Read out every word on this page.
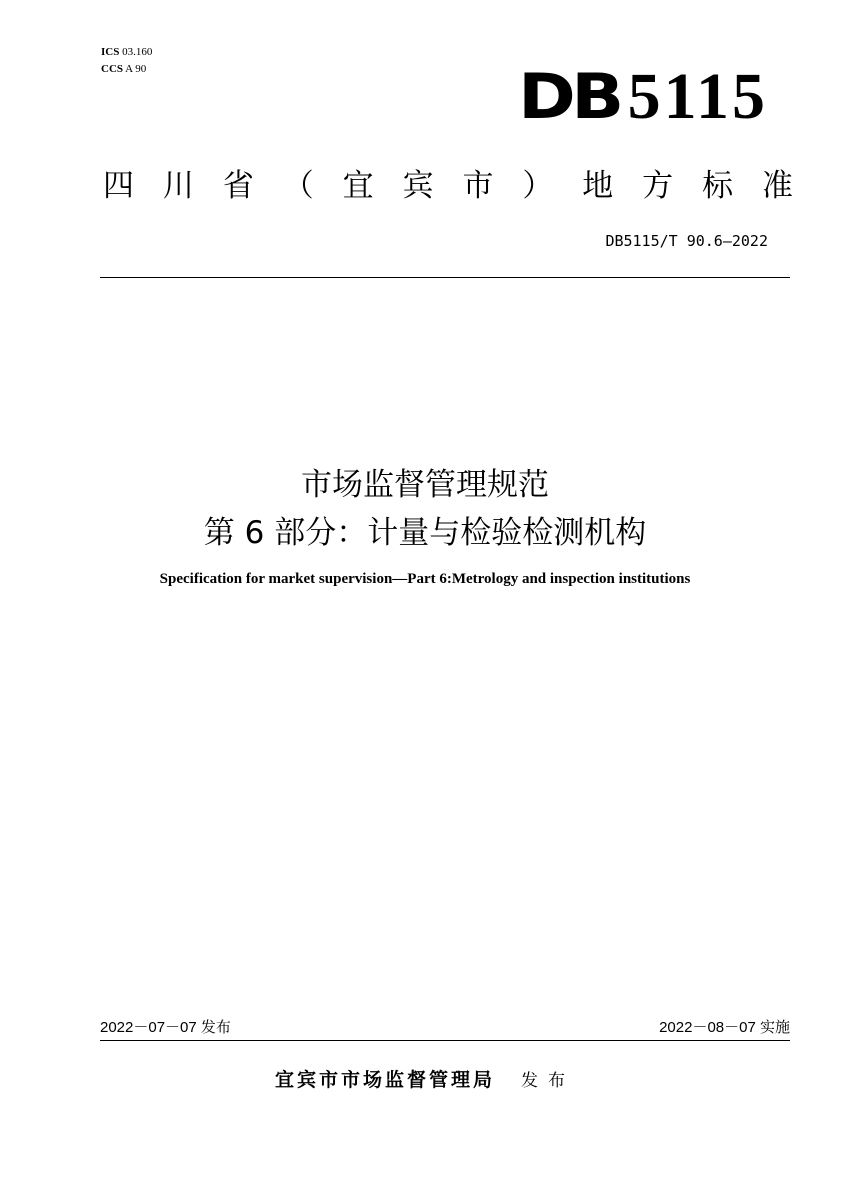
ICS 03.160
CCS A 90	DB 5115
四 川 省 （ 宜 宾 市 ） 地 方 标 准
DB5115/T 90.6—2022
市场监督管理规范
第 6 部分：计量与检验检测机构
Specification for market supervision—Part 6:Metrology and inspection institutions
2022－07－07 发布	2022－08－07 实施
宜宾市市场监督管理局 发布
